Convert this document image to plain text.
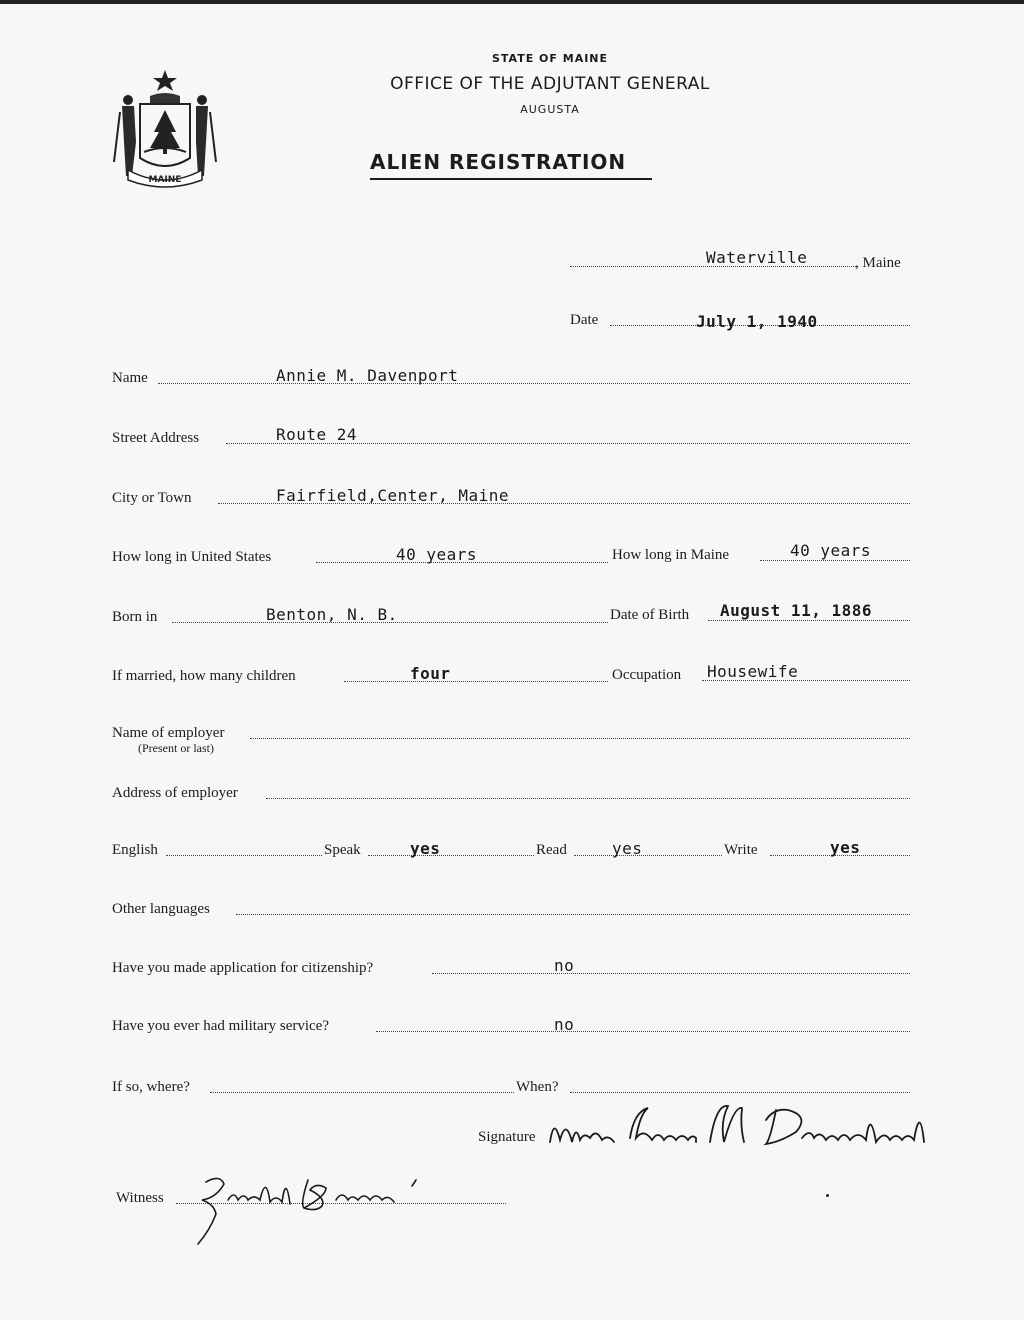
MAINE
STATE OF MAINE
OFFICE OF THE ADJUTANT GENERAL
AUGUSTA
ALIEN REGISTRATION
Waterville	, Maine
Date	July 1, 1940
Name	Annie M. Davenport
Street Address	Route 24
City or Town	Fairfield,Center, Maine
How long in United States	40 years	How long in Maine	40 years
Born in	Benton, N. B.	Date of Birth August 11, 1886
If married, how many children	four	Occupation Housewife
Name of employer
(Present or last)
Address of employer
English	Speak	yes	Read	yes	Write	yes
Other languages
Have you made application for citizenship?	no
Have you ever had military service?	no
If so, where?	When?
Signature
Witness
